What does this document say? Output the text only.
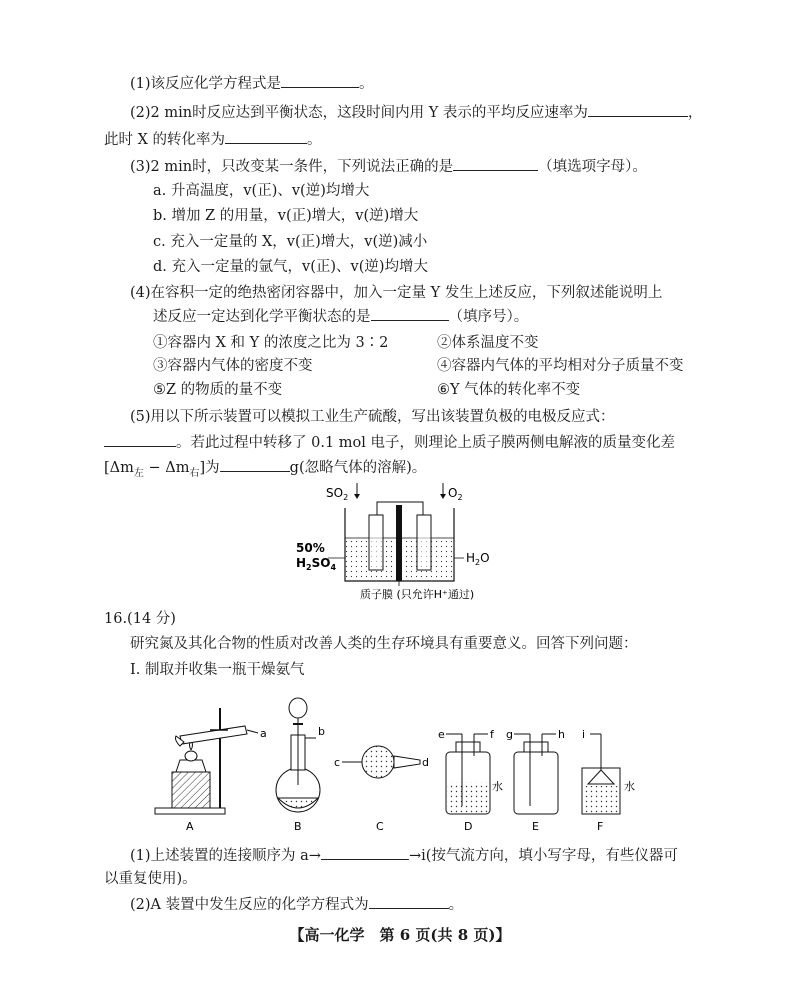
(1)该反应化学方程式是	。
(2)2 min时反应达到平衡状态，这段时间内用 Y 表示的平均反应速率为	，
此时 X 的转化率为	。
(3)2 min时，只改变某一条件，下列说法正确的是	（填选项字母）。
a. 升高温度，v(正)、v(逆)均增大
b. 增加 Z 的用量，v(正)增大，v(逆)增大
c. 充入一定量的 X，v(正)增大，v(逆)减小
d. 充入一定量的氩气，v(正)、v(逆)均增大
(4)在容积一定的绝热密闭容器中，加入一定量 Y 发生上述反应，下列叙述能说明上
述反应一定达到化学平衡状态的是	（填序号）。
①容器内 X 和 Y 的浓度之比为 3∶2	②体系温度不变
③容器内气体的密度不变	④容器内气体的平均相对分子质量不变
⑤Z 的物质的量不变	⑥Y 气体的转化率不变
(5)用以下所示装置可以模拟工业生产硫酸，写出该装置负极的电极反应式：
。若此过程中转移了 0.1 mol 电子，则理论上质子膜两侧电解液的质量变化差
$[\Delta m_左 - \Delta m_右]$为	g(忽略气体的溶解)。
$SO_2$	$O_2$
50%
$H_2SO_4$
$H_2O$
质子膜 (只允许H⁺通过)
16.(14 分)
研究氮及其化合物的性质对改善人类的生存环境具有重要意义。回答下列问题：
Ⅰ. 制取并收集一瓶干燥氨气
a
A
b
B
c	d
C
e	f
水
D
g	h
E
i
水
F
(1)上述装置的连接顺序为 a→	→i(按气流方向，填小写字母，有些仪器可
以重复使用)。
(2)A 装置中发生反应的化学方程式为	。
【高一化学　第 6 页(共 8 页)】
